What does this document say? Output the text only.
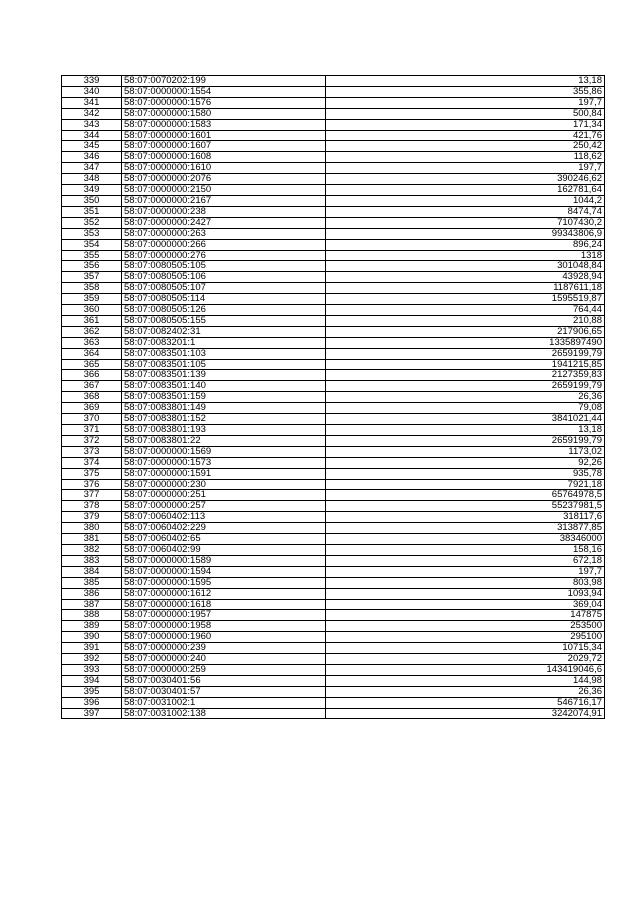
339	58:07:0070202:199	13,18
340	58:07:0000000:1554	355,86
341	58:07:0000000:1576	197,7
342	58:07:0000000:1580	500,84
343	58:07:0000000:1583	171,34
344	58:07:0000000:1601	421,76
345	58:07:0000000:1607	250,42
346	58:07:0000000:1608	118,62
347	58:07:0000000:1610	197,7
348	58:07:0000000:2076	390246,62
349	58:07:0000000:2150	162781,64
350	58:07:0000000:2167	1044,2
351	58:07:0000000:238	8474,74
352	58:07:0000000:2427	7107430,2
353	58:07:0000000:263	99343806,9
354	58:07:0000000:266	896,24
355	58:07:0000000:276	1318
356	58:07:0080505:105	301048,84
357	58:07:0080505:106	43928,94
358	58:07:0080505:107	1187611,18
359	58:07:0080505:114	1595519,87
360	58:07:0080505:126	764,44
361	58:07:0080505:155	210,88
362	58:07:0082402:31	217906,65
363	58:07:0083201:1	1335897490
364	58:07:0083501:103	2659199,79
365	58:07:0083501:105	1941215,85
366	58:07:0083501:139	2127359,83
367	58:07:0083501:140	2659199,79
368	58:07:0083501:159	26,36
369	58:07:0083801:149	79,08
370	58:07:0083801:152	3841021,44
371	58:07:0083801:193	13,18
372	58:07:0083801:22	2659199,79
373	58:07:0000000:1569	1173,02
374	58:07:0000000:1573	92,26
375	58:07:0000000:1591	935,78
376	58:07:0000000:230	7921,18
377	58:07:0000000:251	65764978,5
378	58:07:0000000:257	55237981,5
379	58:07:0060402:113	318117,6
380	58:07:0060402:229	313877,85
381	58:07:0060402:65	38346000
382	58:07:0060402:99	158,16
383	58:07:0000000:1589	672,18
384	58:07:0000000:1594	197,7
385	58:07:0000000:1595	803,98
386	58:07:0000000:1612	1093,94
387	58:07:0000000:1618	369,04
388	58:07:0000000:1957	147875
389	58:07:0000000:1958	253500
390	58:07:0000000:1960	295100
391	58:07:0000000:239	10715,34
392	58:07:0000000:240	2029,72
393	58:07:0000000:259	143419046,6
394	58:07:0030401:56	144,98
395	58:07:0030401:57	26,36
396	58:07:0031002:1	546716,17
397	58:07:0031002:138	3242074,91
